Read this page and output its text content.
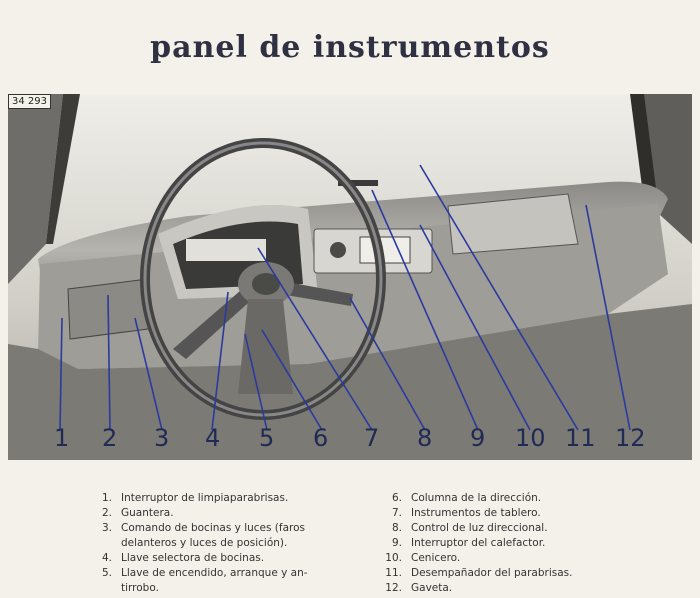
panel de instrumentos
34 293
1 2 3 4 5 6 7 8 9 10 11 12
1. Interruptor de limpiaparabrisas.
2. Guantera.
3. Comando de bocinas y luces (faros
delanteros y luces de posición).
4. Llave selectora de bocinas.
5. Llave de encendido, arranque y an-
tirrobo.
6. Columna de la dirección.
7. Instrumentos de tablero.
8. Control de luz direccional.
9. Interruptor del calefactor.
10. Cenicero.
11. Desempañador del parabrisas.
12. Gaveta.
